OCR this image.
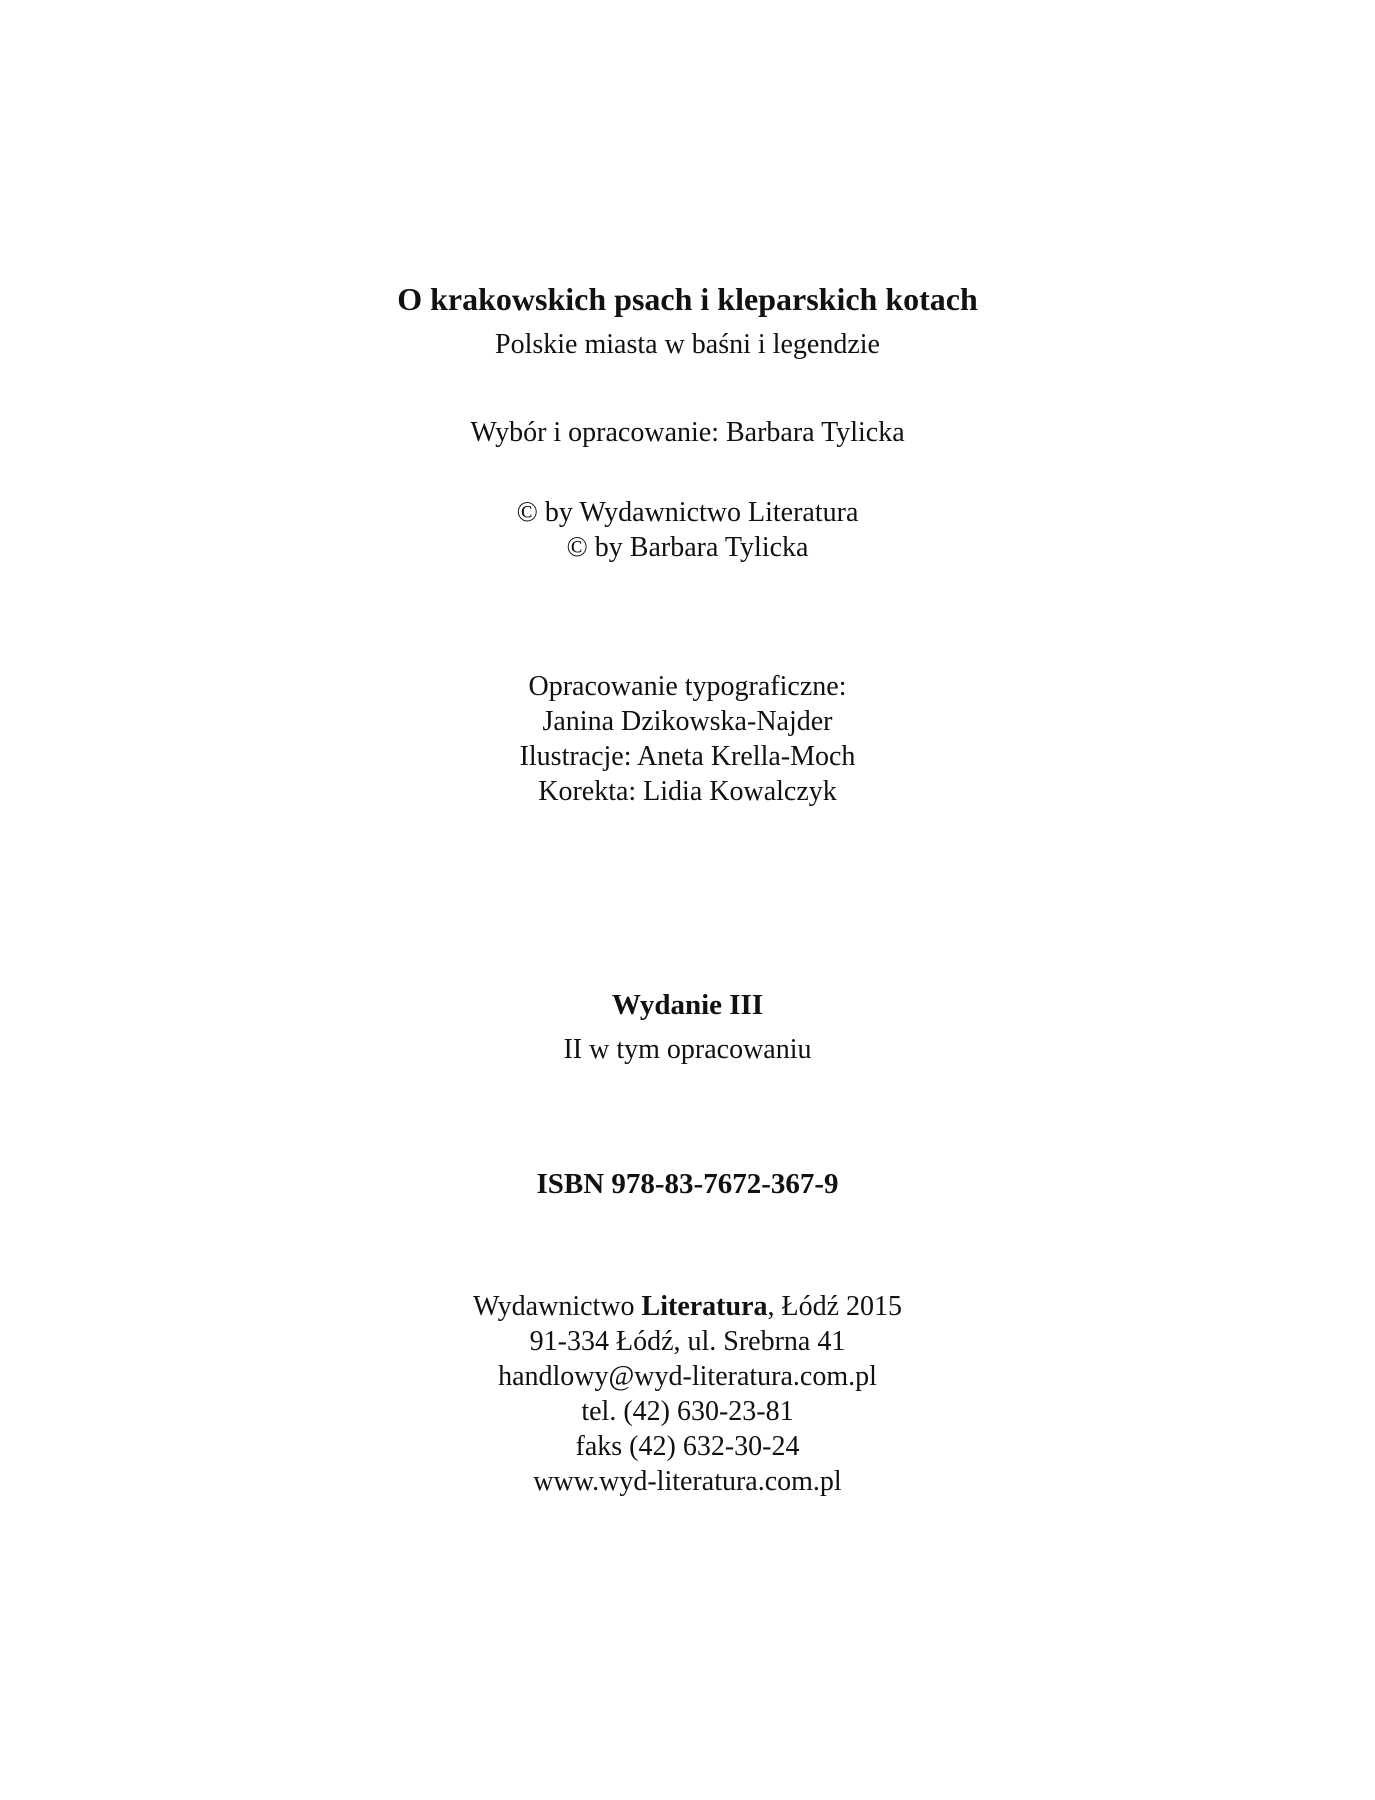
O krakowskich psach i kleparskich kotach
Polskie miasta w baśni i legendzie
Wybór i opracowanie: Barbara Tylicka
© by Wydawnictwo Literatura
© by Barbara Tylicka
Opracowanie typograficzne:
Janina Dzikowska-Najder
Ilustracje: Aneta Krella-Moch
Korekta: Lidia Kowalczyk
Wydanie III
II w tym opracowaniu
ISBN 978-83-7672-367-9
Wydawnictwo Literatura, Łódź 2015
91-334 Łódź, ul. Srebrna 41
handlowy@wyd-literatura.com.pl
tel. (42) 630-23-81
faks (42) 632-30-24
www.wyd-literatura.com.pl
